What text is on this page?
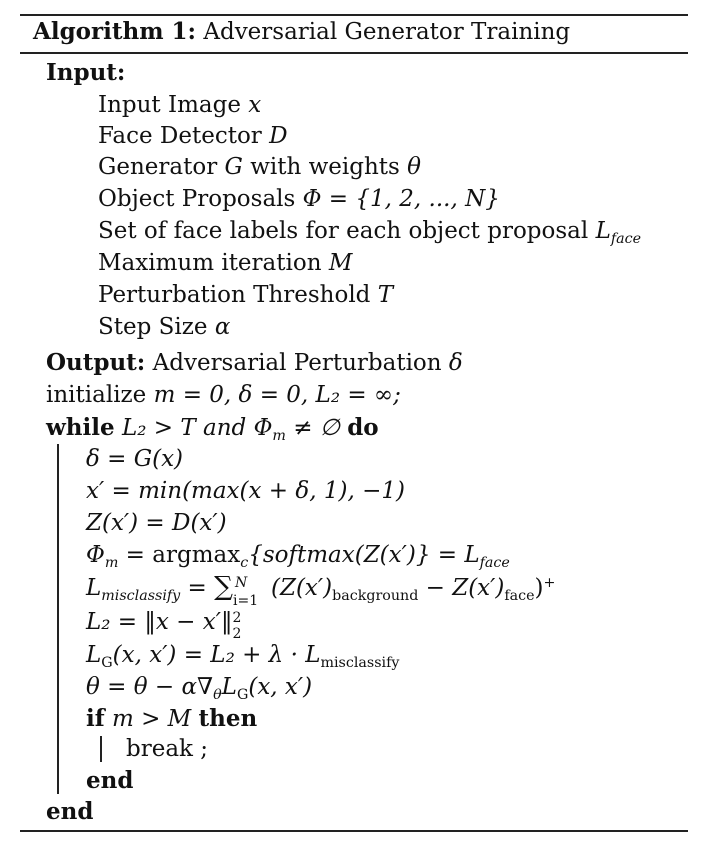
Algorithm 1: Adversarial Generator Training
Input:
Input Image x
Face Detector D
Generator G with weights θ
Object Proposals Φ = {1, 2, ..., N}
Set of face labels for each object proposal $L_{face}$
Maximum iteration M
Perturbation Threshold T
Step Size α
Output: Adversarial Perturbation δ
initialize m = 0, δ = 0, L₂ = ∞;
while L₂ > T and $\Phi_m$ ≠ ∅ do
δ = G(x)
x′ = min(max(x + δ, 1), −1)
Z(x′) = D(x′)
$\Phi_m$ = argmax$_c${softmax(Z(x′)} = $L_{face}$
$L_{misclassify}$ = ∑ N
i=1 $(Z(x')_{background} - Z(x')_{face})^+$
L₂ = ‖x − x′‖ 2
2
$L_G(x$, $x') = L_2 + \lambda \cdot L_{misclassify}$
$\theta = \theta - \alpha\nabla_\theta L_G(x$, x′)
if m > M then
break ;
end
end
